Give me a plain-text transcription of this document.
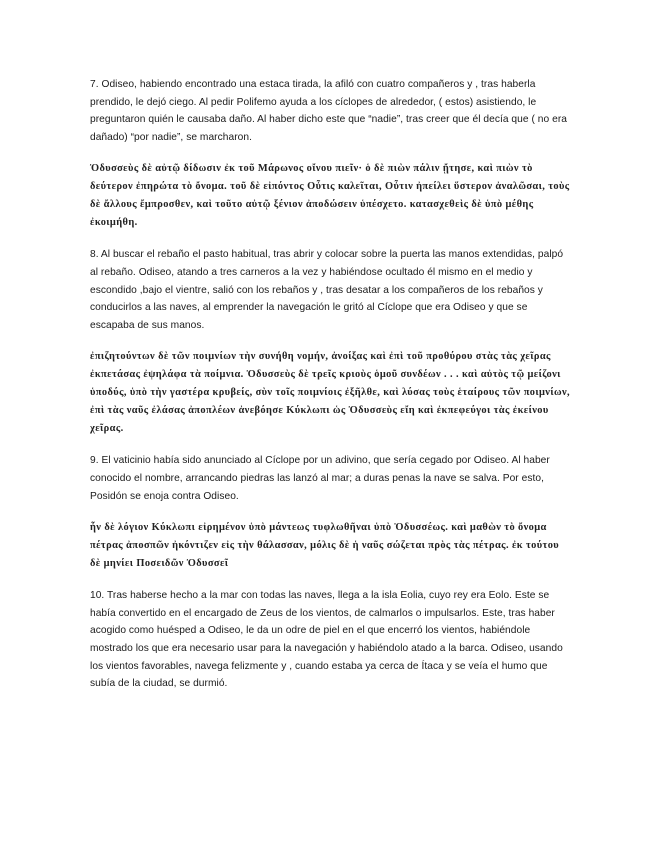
7. Odiseo, habiendo encontrado una estaca tirada, la afiló con cuatro compañeros y , tras haberla prendido, le dejó ciego. Al pedir Polifemo ayuda a los cíclopes de alrededor, ( estos) asistiendo, le preguntaron quién le causaba daño. Al haber dicho este que “nadie”, tras creer que él decía que ( no era dañado) “por nadie”, se marcharon.

Ὀδυσσεὺς δὲ αὐτῷ δίδωσιν ἐκ τοῦ Μάρωνος οἴνου πιεῖν· ὁ δὲ πιὼν πάλιν ᾔτησε, καὶ πιὼν τὸ δεύτερον ἐπηρώτα τὸ ὄνομα. τοῦ δὲ εἰπόντος Οὖτις καλεῖται, Οὖτιν ἠπείλει ὕστερον ἀναλῶσαι, τοὺς δὲ ἄλλους ἔμπροσθεν, καὶ τοῦτο αὐτῷ ξένιον ἀποδώσειν ὑπέσχετο. κατασχεθεὶς δὲ ὑπὸ μέθης ἐκοιμήθη.

8. Al buscar el rebaño el pasto habitual, tras abrir y colocar sobre la puerta las manos extendidas, palpó al rebaño. Odiseo, atando a tres carneros a la vez y habiéndose ocultado él mismo en el medio y escondido ,bajo el vientre, salió con los rebaños y , tras desatar a los compañeros de los rebaños y conducirlos a las naves, al emprender la navegación le gritó al Cíclope que era Odiseo y que se escapaba de sus manos.

ἐπιζητούντων δὲ τῶν ποιμνίων τὴν συνήθη νομήν, ἀνοίξας καὶ ἐπὶ τοῦ προθύρου στὰς τὰς χεῖρας ἐκπετάσας ἐψηλάφα τὰ ποίμνια. Ὀδυσσεὺς δὲ τρεῖς κριοὺς ὁμοῦ συνδέων . . . καὶ αὐτὸς τῷ μείζονι ὑποδύς, ὑπὸ τὴν γαστέρα κρυβείς, σὺν τοῖς ποιμνίοις ἐξῆλθε, καὶ λύσας τοὺς ἑταίρους τῶν ποιμνίων, ἐπὶ τὰς ναῦς ἐλάσας ἀποπλέων ἀνεβόησε Κύκλωπι ὡς Ὀδυσσεὺς εἴη καὶ ἐκπεφεύγοι τὰς ἐκείνου χεῖρας.

9. El vaticinio había sido anunciado al Cíclope por un adivino, que sería cegado por Odiseo. Al haber conocido el nombre, arrancando piedras las lanzó al mar; a duras penas la nave se salva. Por esto, Posidón se enoja contra Odiseo.

ἦν δὲ λόγιον Κύκλωπι εἰρημένον ὑπὸ μάντεως τυφλωθῆναι ὑπὸ Ὀδυσσέως. καὶ μαθὼν τὸ ὄνομα πέτρας ἀποσπῶν ἠκόντιζεν εἰς τὴν θάλασσαν, μόλις δὲ ἡ ναῦς σώζεται πρὸς τὰς πέτρας. ἐκ τούτου δὲ μηνίει Ποσειδῶν Ὀδυσσεῖ

10. Tras haberse hecho a la mar con todas las naves, llega a la isla Eolia, cuyo rey era Eolo. Este se había convertido en el encargado de Zeus de los vientos, de calmarlos o impulsarlos. Este, tras haber acogido como huésped a Odiseo, le da un odre de piel en el que encerró los vientos, habiéndole mostrado los que era necesario usar para la navegación y habiéndolo atado a la barca. Odiseo, usando los vientos favorables, navega felizmente y , cuando estaba ya cerca de Ítaca y se veía el humo que subía de la ciudad, se durmió.
